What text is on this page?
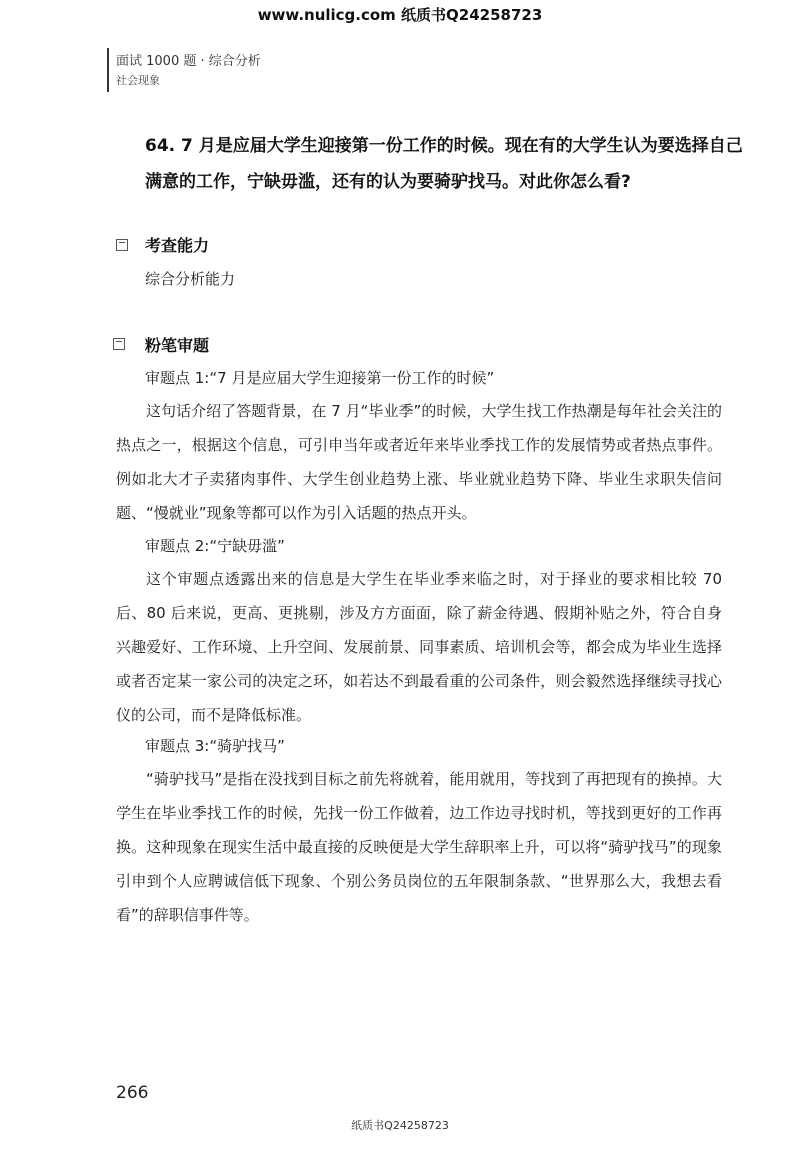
www.nulicg.com 纸质书Q24258723
面试 1000 题 · 综合分析
社会现象
64. 7 月是应届大学生迎接第一份工作的时候。现在有的大学生认为要选择自己满意的工作，宁缺毋滥，还有的认为要骑驴找马。对此你怎么看?
考查能力
综合分析能力
粉笔审题
审题点 1:“7 月是应届大学生迎接第一份工作的时候”
这句话介绍了答题背景，在 7 月“毕业季”的时候，大学生找工作热潮是每年社会关注的热点之一，根据这个信息，可引申当年或者近年来毕业季找工作的发展情势或者热点事件。例如北大才子卖猪肉事件、大学生创业趋势上涨、毕业就业趋势下降、毕业生求职失信问题、“慢就业”现象等都可以作为引入话题的热点开头。
审题点 2:“宁缺毋滥”
这个审题点透露出来的信息是大学生在毕业季来临之时，对于择业的要求相比较 70 后、80 后来说，更高、更挑剔，涉及方方面面，除了薪金待遇、假期补贴之外，符合自身兴趣爱好、工作环境、上升空间、发展前景、同事素质、培训机会等，都会成为毕业生选择或者否定某一家公司的决定之环，如若达不到最看重的公司条件，则会毅然选择继续寻找心仪的公司，而不是降低标准。
审题点 3:“骑驴找马”
“骑驴找马”是指在没找到目标之前先将就着，能用就用，等找到了再把现有的换掉。大学生在毕业季找工作的时候，先找一份工作做着，边工作边寻找时机，等找到更好的工作再换。这种现象在现实生活中最直接的反映便是大学生辞职率上升，可以将“骑驴找马”的现象引申到个人应聘诚信低下现象、个别公务员岗位的五年限制条款、“世界那么大，我想去看看”的辞职信事件等。
266
纸质书Q24258723
